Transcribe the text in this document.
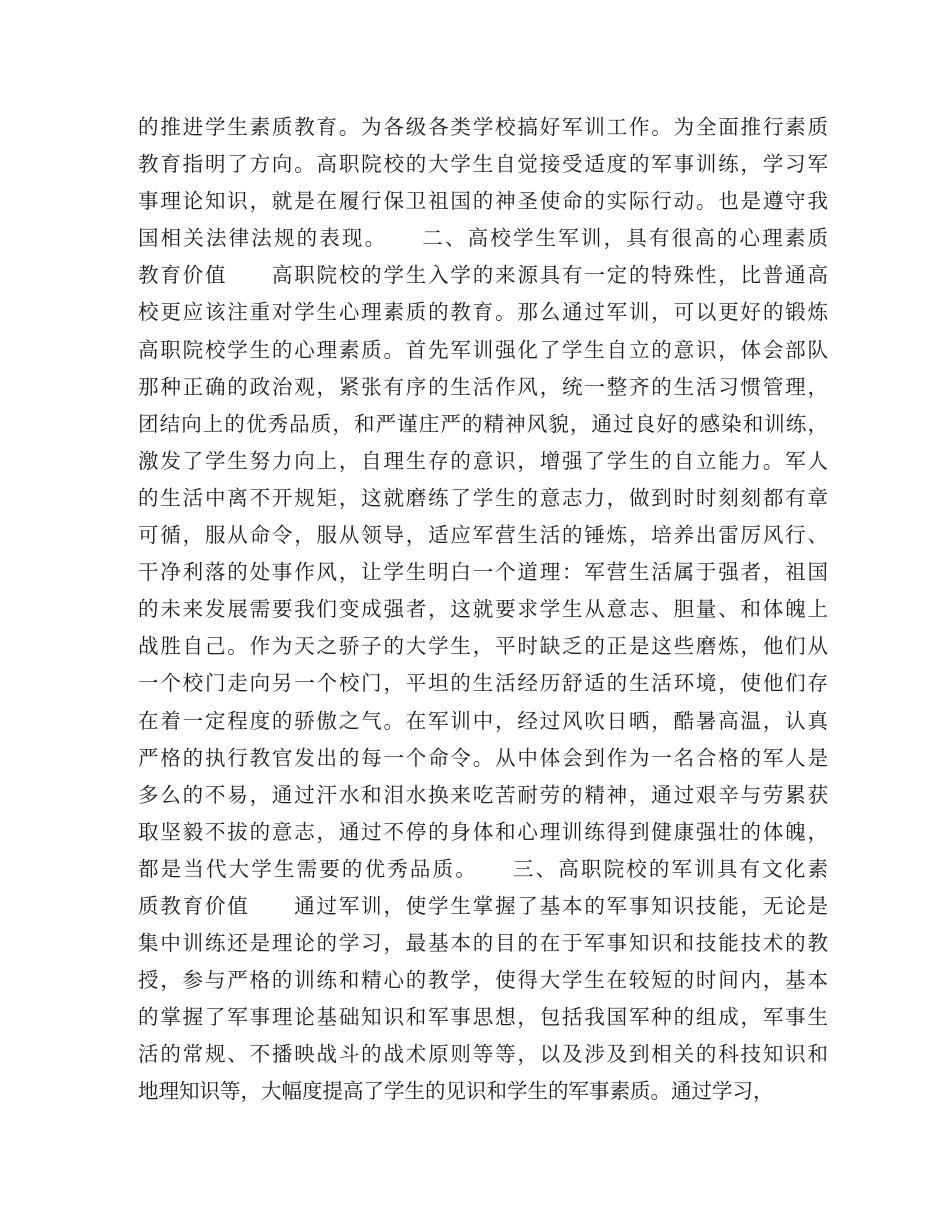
的推进学生素质教育。为各级各类学校搞好军训工作。为全面推行素质
教育指明了方向。高职院校的大学生自觉接受适度的军事训练，学习军
事理论知识，就是在履行保卫祖国的神圣使命的实际行动。也是遵守我
国相关法律法规的表现。　　二、高校学生军训，具有很高的心理素质
教育价值　　高职院校的学生入学的来源具有一定的特殊性，比普通高
校更应该注重对学生心理素质的教育。那么通过军训，可以更好的锻炼
高职院校学生的心理素质。首先军训强化了学生自立的意识，体会部队
那种正确的政治观，紧张有序的生活作风，统一整齐的生活习惯管理，
团结向上的优秀品质，和严谨庄严的精神风貌，通过良好的感染和训练，
激发了学生努力向上，自理生存的意识，增强了学生的自立能力。军人
的生活中离不开规矩，这就磨练了学生的意志力，做到时时刻刻都有章
可循，服从命令，服从领导，适应军营生活的锤炼，培养出雷厉风行、
干净利落的处事作风，让学生明白一个道理：军营生活属于强者，祖国
的未来发展需要我们变成强者，这就要求学生从意志、胆量、和体魄上
战胜自己。作为天之骄子的大学生，平时缺乏的正是这些磨炼，他们从
一个校门走向另一个校门，平坦的生活经历舒适的生活环境，使他们存
在着一定程度的骄傲之气。在军训中，经过风吹日晒，酷暑高温，认真
严格的执行教官发出的每一个命令。从中体会到作为一名合格的军人是
多么的不易，通过汗水和泪水换来吃苦耐劳的精神，通过艰辛与劳累获
取坚毅不拔的意志，通过不停的身体和心理训练得到健康强壮的体魄，
都是当代大学生需要的优秀品质。　　三、高职院校的军训具有文化素
质教育价值　　通过军训，使学生掌握了基本的军事知识技能，无论是
集中训练还是理论的学习，最基本的目的在于军事知识和技能技术的教
授，参与严格的训练和精心的教学，使得大学生在较短的时间内，基本
的掌握了军事理论基础知识和军事思想，包括我国军种的组成，军事生
活的常规、不播映战斗的战术原则等等，以及涉及到相关的科技知识和
地理知识等，大幅度提高了学生的见识和学生的军事素质。通过学习，
